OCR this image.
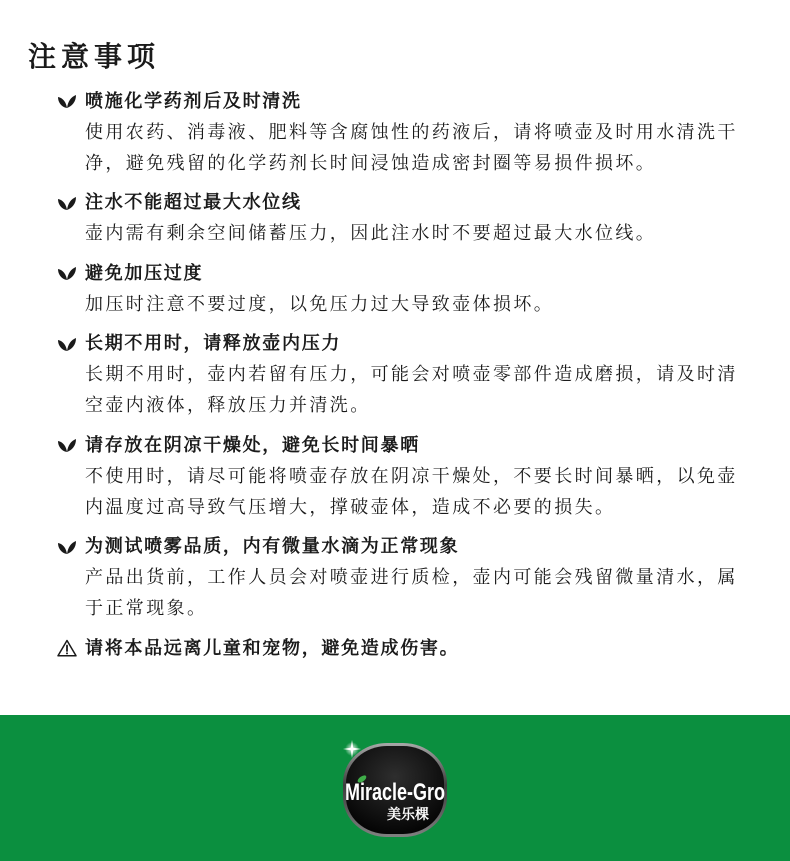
注意事项
喷施化学药剂后及时清洗
使用农药、消毒液、肥料等含腐蚀性的药液后，请将喷壶及时用水清洗干净，避免残留的化学药剂长时间浸蚀造成密封圈等易损件损坏。
注水不能超过最大水位线
壶内需有剩余空间储蓄压力，因此注水时不要超过最大水位线。
避免加压过度
加压时注意不要过度，以免压力过大导致壶体损坏。
长期不用时，请释放壶内压力
长期不用时，壶内若留有压力，可能会对喷壶零部件造成磨损，请及时清空壶内液体，释放压力并清洗。
请存放在阴凉干燥处，避免长时间暴晒
不使用时，请尽可能将喷壶存放在阴凉干燥处，不要长时间暴晒，以免壶内温度过高导致气压增大，撑破壶体，造成不必要的损失。
为测试喷雾品质，内有微量水滴为正常现象
产品出货前，工作人员会对喷壶进行质检，壶内可能会残留微量清水，属于正常现象。
请将本品远离儿童和宠物，避免造成伤害。
Miracle-Gro
美乐棵
